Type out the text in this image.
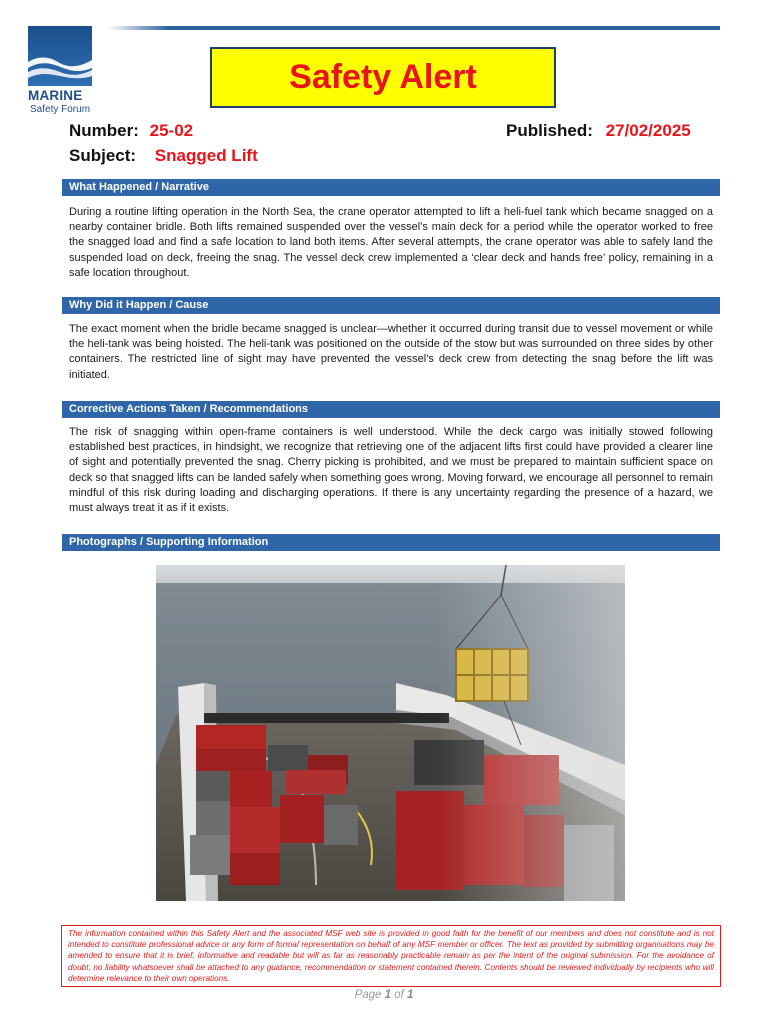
MARINE
Safety Forum
Safety Alert
Number: 25-02	Published: 27/02/2025
Subject: Snagged Lift
What Happened / Narrative
During a routine lifting operation in the North Sea, the crane operator attempted to lift a heli-fuel tank which became snagged on a nearby container bridle. Both lifts remained suspended over the vessel's main deck for a period while the operator worked to free the snagged load and find a safe location to land both items. After several attempts, the crane operator was able to safely land the suspended load on deck, freeing the snag. The vessel deck crew implemented a ‘clear deck and hands free’ policy, remaining in a safe location throughout.
Why Did it Happen / Cause
The exact moment when the bridle became snagged is unclear—whether it occurred during transit due to vessel movement or while the heli-tank was being hoisted. The heli-tank was positioned on the outside of the stow but was surrounded on three sides by other containers. The restricted line of sight may have prevented the vessel's deck crew from detecting the snag before the lift was initiated.
Corrective Actions Taken / Recommendations
The risk of snagging within open-frame containers is well understood. While the deck cargo was initially stowed following established best practices, in hindsight, we recognize that retrieving one of the adjacent lifts first could have provided a clearer line of sight and potentially prevented the snag. Cherry picking is prohibited, and we must be prepared to maintain sufficient space on deck so that snagged lifts can be landed safely when something goes wrong. Moving forward, we encourage all personnel to remain mindful of this risk during loading and discharging operations. If there is any uncertainty regarding the presence of a hazard, we must always treat it as if it exists.
Photographs / Supporting Information
The information contained within this Safety Alert and the associated MSF web site is provided in good faith for the benefit of our members and does not constitute and is not intended to constitute professional advice or any form of formal representation on behalf of any MSF member or officer. The text as provided by submitting organisations may be amended to ensure that it is brief, informative and readable but will as far as reasonably practicable remain as per the intent of the original submission. For the avoidance of doubt, no liability whatsoever shall be attached to any guidance, recommendation or statement contained therein. Contents should be reviewed individually by recipients who will determine relevance to their own operations.
Page 1 of 1
